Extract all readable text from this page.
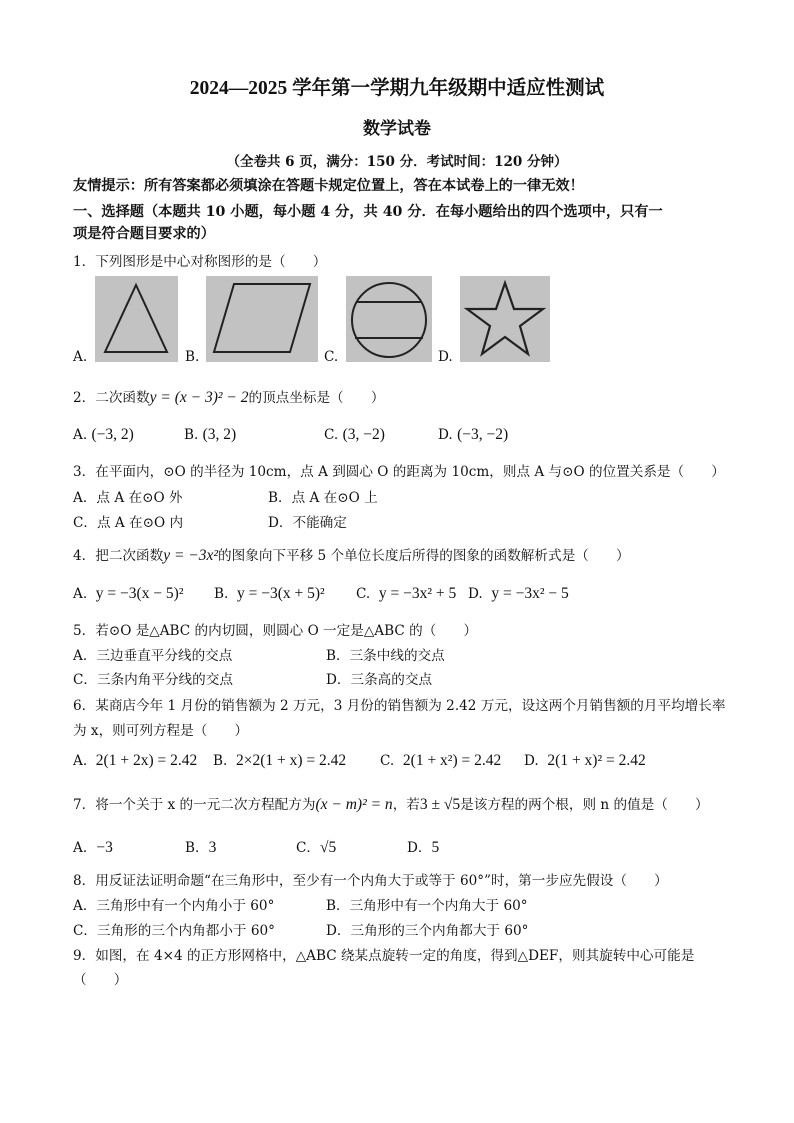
2024—2025 学年第一学期九年级期中适应性测试
数学试卷
（全卷共 6 页，满分：150 分．考试时间：120 分钟）
友情提示：所有答案都必须填涂在答题卡规定位置上，答在本试卷上的一律无效！
一、选择题（本题共 10 小题，每小题 4 分，共 40 分．在每小题给出的四个选项中，只有一
项是符合题目要求的）
1．下列图形是中心对称图形的是（　　）
A.	B.	C.	D.
2．二次函数y = (x − 3)² − 2的顶点坐标是（　　）
A. (−3, 2)	B. (3, 2)	C. (3, −2)	D. (−3, −2)
3．在平面内，⊙O 的半径为 10cm，点 A 到圆心 O 的距离为 10cm，则点 A 与⊙O 的位置关系是（　　）
A．点 A 在⊙O 外	B．点 A 在⊙O 上
C．点 A 在⊙O 内	D．不能确定
4．把二次函数y = −3x²的图象向下平移 5 个单位长度后所得的图象的函数解析式是（　　）
A. y = −3(x − 5)² B. y = −3(x + 5)² C. y = −3x² + 5 D. y = −3x² − 5
5．若⊙O 是△ABC 的内切圆，则圆心 O 一定是△ABC 的（　　）
A．三边垂直平分线的交点	B．三条中线的交点
C．三条内角平分线的交点	D．三条高的交点
6．某商店今年 1 月份的销售额为 2 万元，3 月份的销售额为 2.42 万元，设这两个月销售额的月平均增长率
为 x，则可列方程是（　　）
A. 2(1 + 2x) = 2.42 B. 2×2(1 + x) = 2.42 C. 2(1 + x²) = 2.42 D. 2(1 + x)² = 2.42
7．将一个关于 x 的一元二次方程配方为(x − m)² = n，若3 ± √5是该方程的两个根，则 n 的值是（　　）
A．−3	B．3	C．√5	D．5
8．用反证法证明命题“在三角形中，至少有一个内角大于或等于 60°”时，第一步应先假设（　　）
A．三角形中有一个内角小于 60°	B．三角形中有一个内角大于 60°
C．三角形的三个内角都小于 60°	D．三角形的三个内角都大于 60°
9．如图，在 4×4 的正方形网格中，△ABC 绕某点旋转一定的角度，得到△DEF，则其旋转中心可能是
（　　）
